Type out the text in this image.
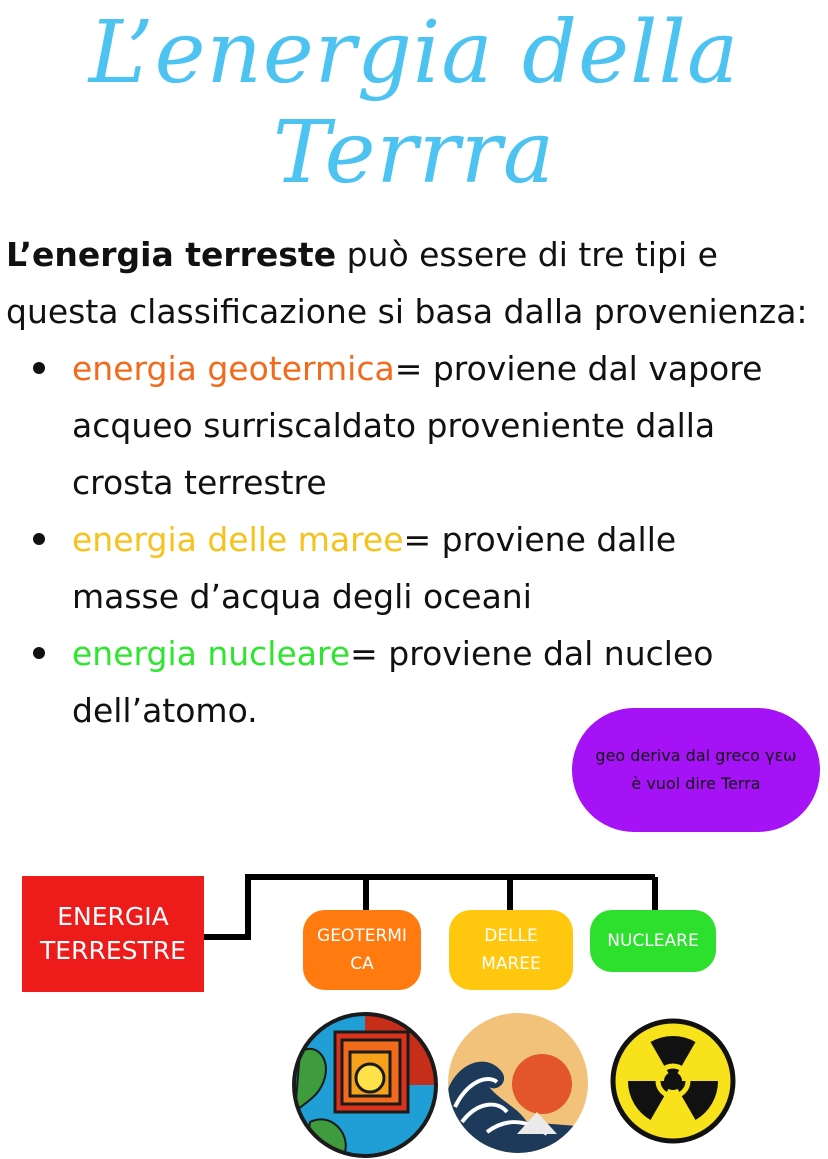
L’energia della
Terrra
L’energia terreste può essere di tre tipi e
questa classificazione si basa dalla provenienza:
energia geotermica= proviene dal vapore acqueo surriscaldato proveniente dalla crosta terrestre
energia delle maree= proviene dalle masse d’acqua degli oceani
energia nucleare= proviene dal nucleo dell’atomo.
geo deriva dal greco γεω
è vuol dire Terra
ENERGIA
TERRESTRE	GEOTERMI
CA
DELLE
MAREE
NUCLEARE
